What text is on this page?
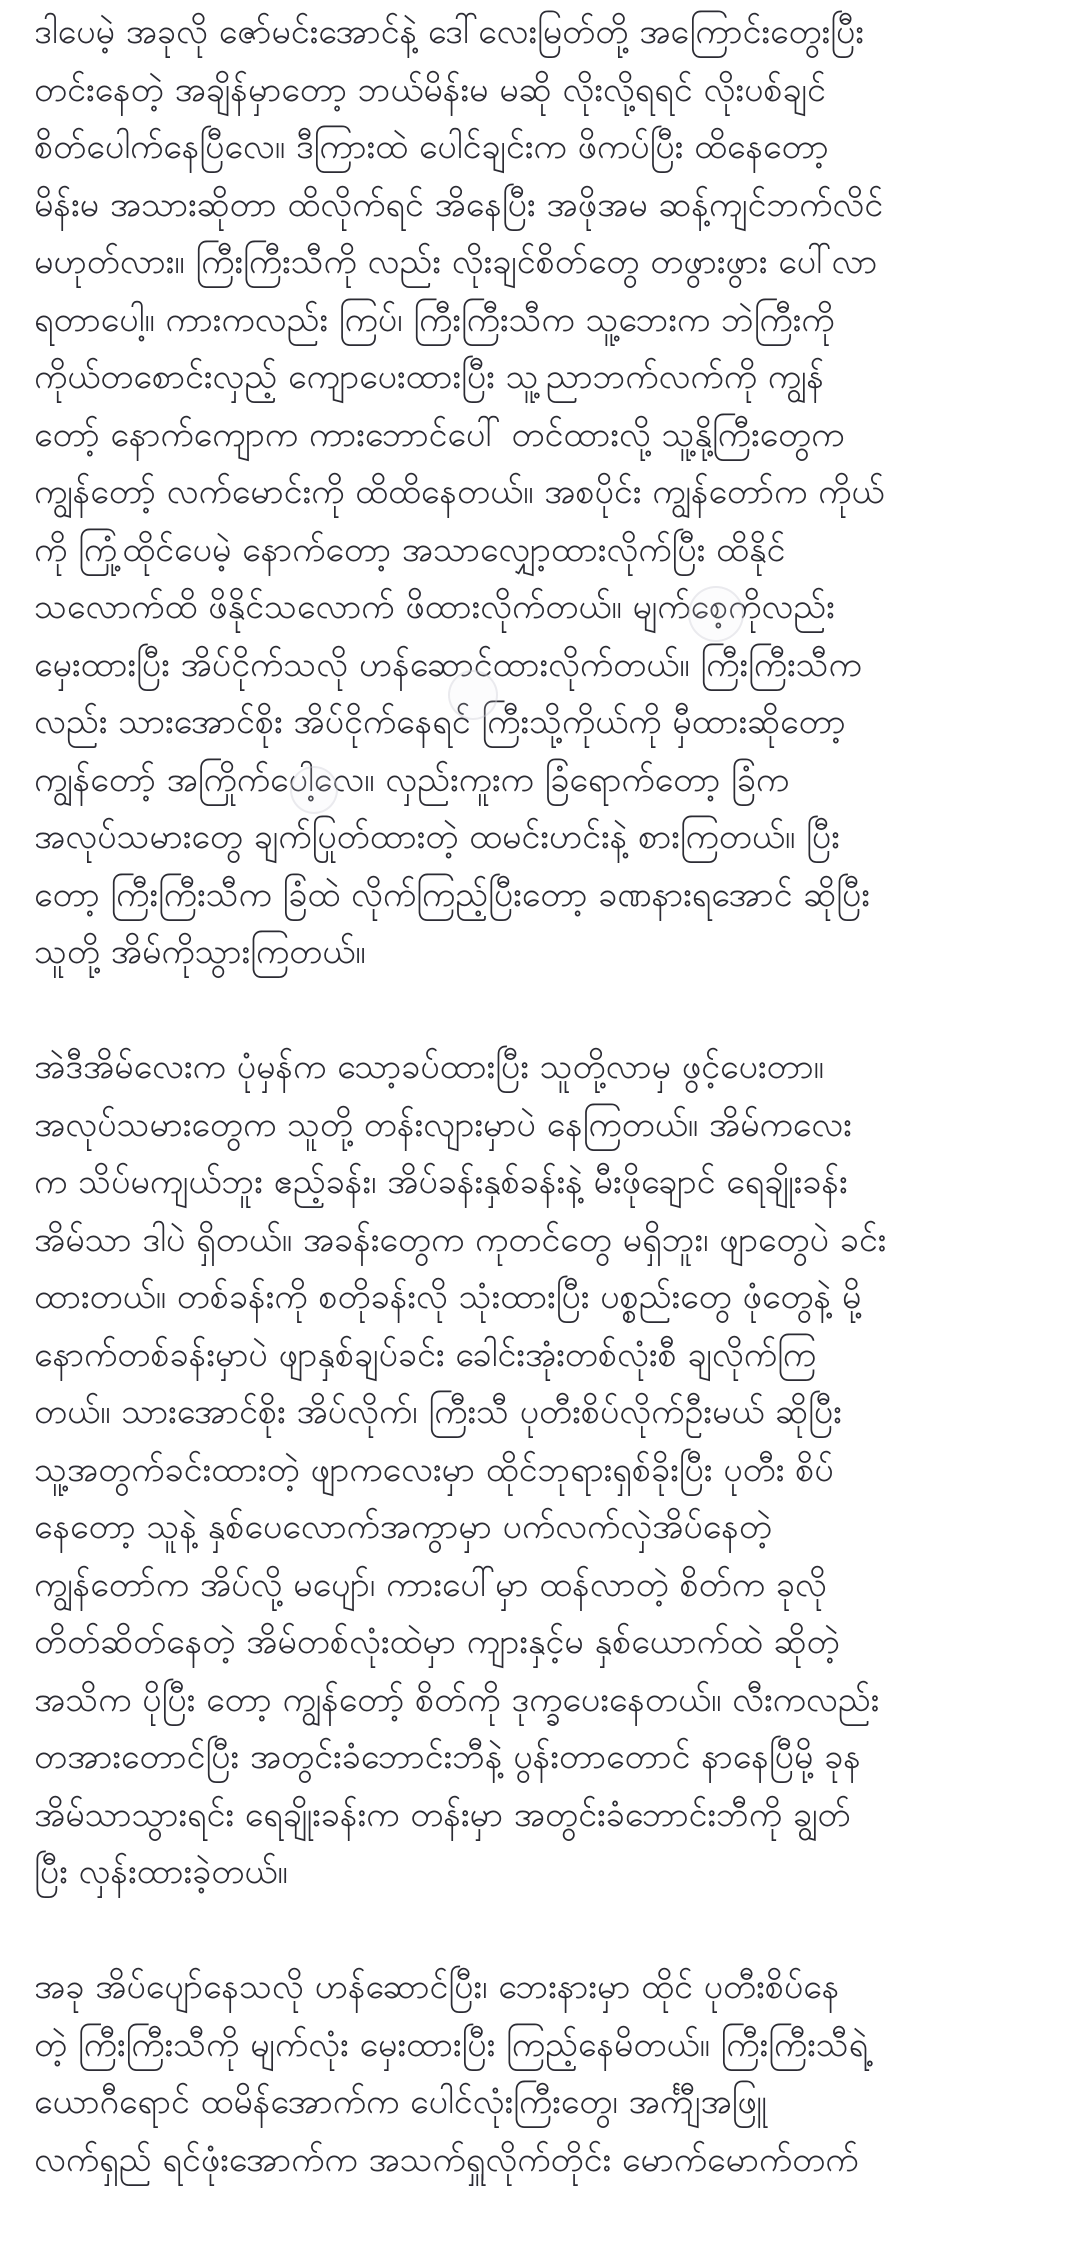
ဒါပေမဲ့ အခုလို ဇော်မင်းအောင်နဲ့ ဒေါ်လေးမြတ်တို့ အကြောင်းတွေးပြီး
တင်းနေတဲ့ အချိန်မှာတော့ ဘယ်မိန်းမ မဆို လိုးလို့ရရင် လိုးပစ်ချင်
စိတ်ပေါက်နေပြီလေ။ ဒီကြားထဲ ပေါင်ချင်းက ဖိကပ်ပြီး ထိနေတော့
မိန်းမ အသားဆိုတာ ထိလိုက်ရင် အိနေပြီး အဖိုအမ ဆန့်ကျင်ဘက်လိင်
မဟုတ်လား။ ကြီးကြီးသီကို လည်း လိုးချင်စိတ်တွေ တဖွားဖွား ပေါ်လာ
ရတာပေါ့။ ကားကလည်း ကြပ်၊ ကြီးကြီးသီက သူ့ဘေးက ဘဲကြီးကို
ကိုယ်တစောင်းလှည့် ကျောပေးထားပြီး သူ့ညာဘက်လက်ကို ကျွန်
တော့် နောက်ကျောက ကားဘောင်ပေါ် တင်ထားလို့ သူ့နို့ကြီးတွေက
ကျွန်တော့် လက်မောင်းကို ထိထိနေတယ်။ အစပိုင်း ကျွန်တော်က ကိုယ်
ကို ကြုံ့ထိုင်ပေမဲ့ နောက်တော့ အသာလျှော့ထားလိုက်ပြီး ထိနိုင်
သလောက်ထိ ဖိနိုင်သလောက် ဖိထားလိုက်တယ်။ မျက်စေ့ကိုလည်း
မှေးထားပြီး အိပ်ငိုက်သလို ဟန်ဆောင်ထားလိုက်တယ်။ ကြီးကြီးသီက
လည်း သားအောင်စိုး အိပ်ငိုက်နေရင် ကြီးသို့ကိုယ်ကို မှီထားဆိုတော့
ကျွန်တော့် အကြိုက်ပေါ့လေ။ လှည်းကူးက ခြံရောက်တော့ ခြံက
အလုပ်သမားတွေ ချက်ပြုတ်ထားတဲ့ ထမင်းဟင်းနဲ့ စားကြတယ်။ ပြီး
တော့ ကြီးကြီးသီက ခြံထဲ လိုက်ကြည့်ပြီးတော့ ခဏနားရအောင် ဆိုပြီး
သူတို့ အိမ်ကိုသွားကြတယ်။

အဲဒီအိမ်လေးက ပုံမှန်က သော့ခပ်ထားပြီး သူတို့လာမှ ဖွင့်ပေးတာ။
အလုပ်သမားတွေက သူတို့ တန်းလျားမှာပဲ နေကြတယ်။ အိမ်ကလေး
က သိပ်မကျယ်ဘူး ဧည့်ခန်း၊ အိပ်ခန်းနှစ်ခန်းနဲ့ မီးဖိုချောင် ရေချိုးခန်း
အိမ်သာ ဒါပဲ ရှိတယ်။ အခန်းတွေက ကုတင်တွေ မရှိဘူး၊ ဖျာတွေပဲ ခင်း
ထားတယ်။ တစ်ခန်းကို စတိုခန်းလို သုံးထားပြီး ပစ္စည်းတွေ ဖုံတွေနဲ့ မို့
နောက်တစ်ခန်းမှာပဲ ဖျာနှစ်ချပ်ခင်း ခေါင်းအုံးတစ်လုံးစီ ချလိုက်ကြ
တယ်။ သားအောင်စိုး အိပ်လိုက်၊ ကြီးသီ ပုတီးစိပ်လိုက်ဦးမယ် ဆိုပြီး
သူ့အတွက်ခင်းထားတဲ့ ဖျာကလေးမှာ ထိုင်ဘုရားရှစ်ခိုးပြီး ပုတီး စိပ်
နေတော့ သူနဲ့ နှစ်ပေလောက်အကွာမှာ ပက်လက်လှဲအိပ်နေတဲ့
ကျွန်တော်က အိပ်လို့ မပျော်၊ ကားပေါ်မှာ ထန်လာတဲ့ စိတ်က ခုလို
တိတ်ဆိတ်နေတဲ့ အိမ်တစ်လုံးထဲမှာ ကျားနှင့်မ နှစ်ယောက်ထဲ ဆိုတဲ့
အသိက ပိုပြီး တော့ ကျွန်တော့် စိတ်ကို ဒုက္ခပေးနေတယ်။ လီးကလည်း
တအားတောင်ပြီး အတွင်းခံဘောင်းဘီနဲ့ ပွန်းတာတောင် နာနေပြီမို့ ခုန
အိမ်သာသွားရင်း ရေချိုးခန်းက တန်းမှာ အတွင်းခံဘောင်းဘီကို ချွတ်
ပြီး လှန်းထားခဲ့တယ်။

အခု အိပ်ပျော်နေသလို ဟန်ဆောင်ပြီး၊ ဘေးနားမှာ ထိုင် ပုတီးစိပ်နေ
တဲ့ ကြီးကြီးသီကို မျက်လုံး မှေးထားပြီး ကြည့်နေမိတယ်။ ကြီးကြီးသီရဲ့
ယောဂီရောင် ထမိန်အောက်က ပေါင်လုံးကြီးတွေ၊ အင်္ကျီအဖြူ
လက်ရှည် ရင်ဖုံးအောက်က အသက်ရှူလိုက်တိုင်း မောက်မောက်တက်
